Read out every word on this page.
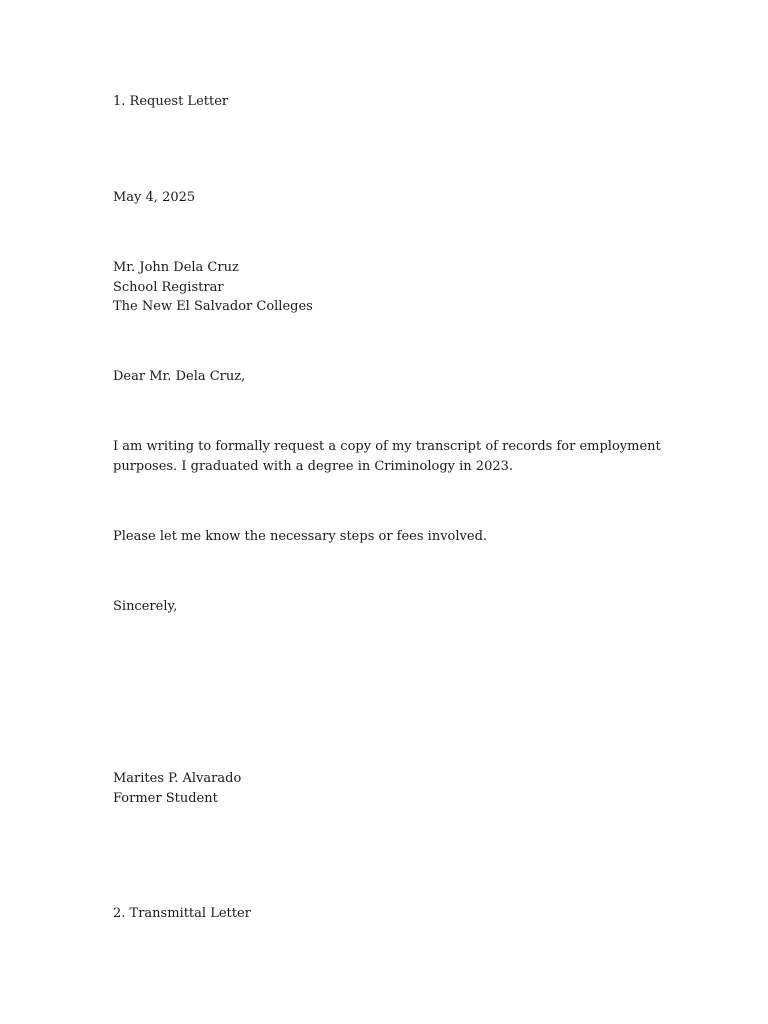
1. Request Letter
May 4, 2025
Mr. John Dela Cruz
School Registrar
The New El Salvador Colleges
Dear Mr. Dela Cruz,
I am writing to formally request a copy of my transcript of records for employment
purposes. I graduated with a degree in Criminology in 2023.
Please let me know the necessary steps or fees involved.
Sincerely,
Marites P. Alvarado
Former Student
2. Transmittal Letter
